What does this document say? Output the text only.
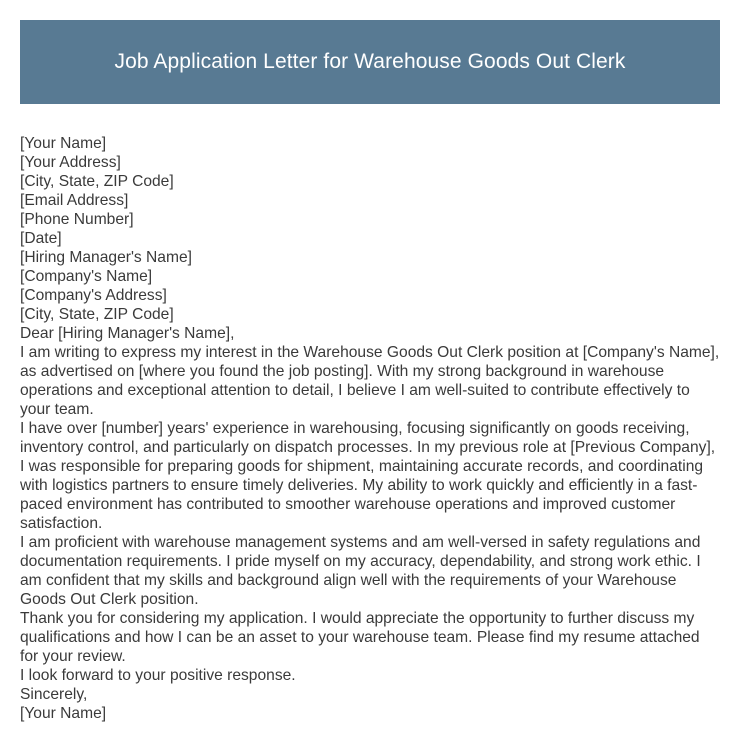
Job Application Letter for Warehouse Goods Out Clerk

[Your Name]

[Your Address]

[City, State, ZIP Code]

[Email Address]

[Phone Number]

[Date]

[Hiring Manager's Name]

[Company's Name]

[Company's Address]

[City, State, ZIP Code]

Dear [Hiring Manager's Name],

I am writing to express my interest in the Warehouse Goods Out Clerk position at [Company's Name], as advertised on [where you found the job posting]. With my strong background in warehouse operations and exceptional attention to detail, I believe I am well-suited to contribute effectively to your team.

I have over [number] years' experience in warehousing, focusing significantly on goods receiving, inventory control, and particularly on dispatch processes. In my previous role at [Previous Company], I was responsible for preparing goods for shipment, maintaining accurate records, and coordinating with logistics partners to ensure timely deliveries. My ability to work quickly and efficiently in a fast-paced environment has contributed to smoother warehouse operations and improved customer satisfaction.

I am proficient with warehouse management systems and am well-versed in safety regulations and documentation requirements. I pride myself on my accuracy, dependability, and strong work ethic. I am confident that my skills and background align well with the requirements of your Warehouse Goods Out Clerk position.

Thank you for considering my application. I would appreciate the opportunity to further discuss my qualifications and how I can be an asset to your warehouse team. Please find my resume attached for your review.

I look forward to your positive response.

Sincerely,

[Your Name]
